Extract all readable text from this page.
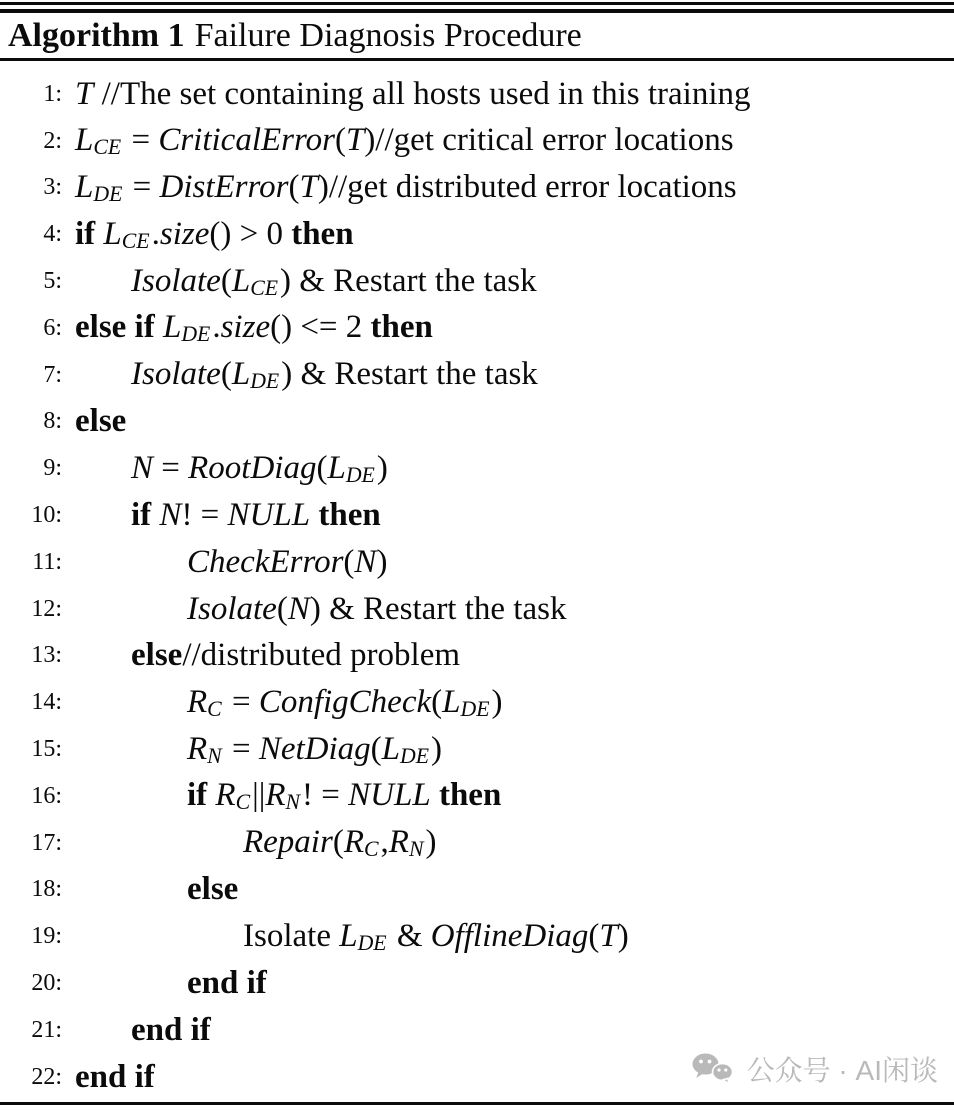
Algorithm 1 Failure Diagnosis Procedure
1: T //The set containing all hosts used in this training
2: LCE = CriticalError(T)//get critical error locations
3: LDE = DistError(T)//get distributed error locations
4: if LCE.size() > 0 then
5:	Isolate(LCE) & Restart the task
6: else if LDE.size() <= 2 then
7:	Isolate(LDE) & Restart the task
8: else
9:	N = RootDiag(LDE)
10:	if N! = NULL then
11:	CheckError(N)
12:	Isolate(N) & Restart the task
13:	else//distributed problem
14:	RC = ConfigCheck(LDE)
15:	RN = NetDiag(LDE)
16:	if RC||RN! = NULL then
17:	Repair(RC,RN)
18:	else
19:	Isolate LDE & OfflineDiag(T)
20:	end if
21:	end if
22: end if	公众号 · AI闲谈
